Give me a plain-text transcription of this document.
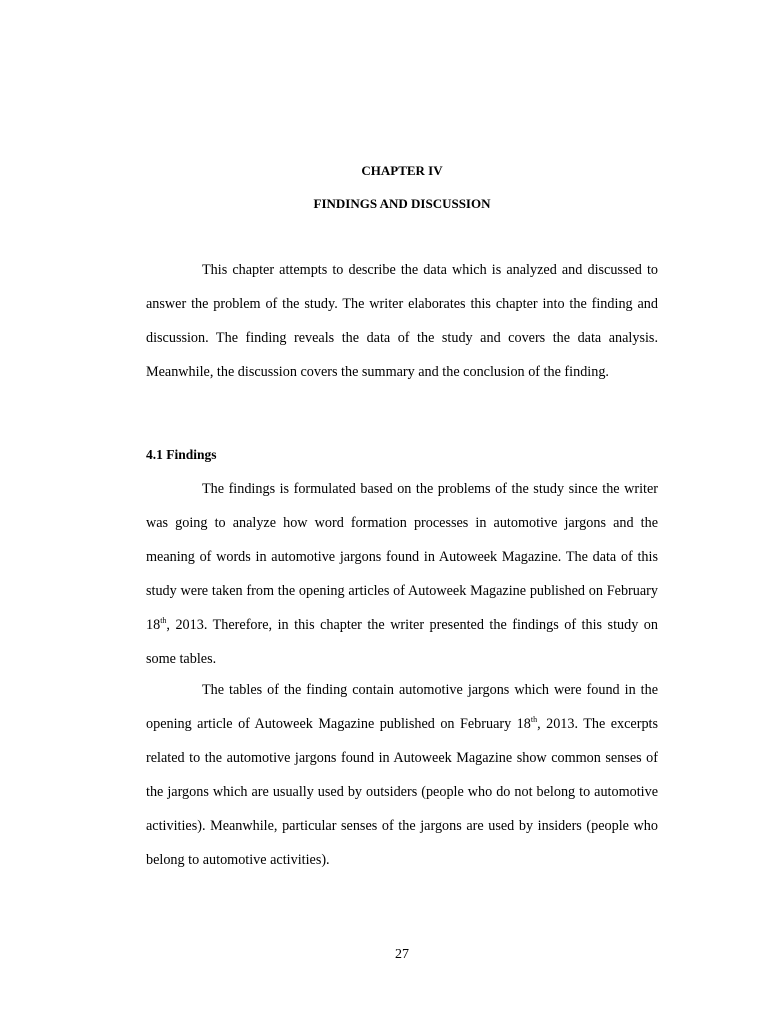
CHAPTER IV
FINDINGS AND DISCUSSION

This chapter attempts to describe the data which is analyzed and discussed to answer the problem of the study. The writer elaborates this chapter into the finding and discussion. The finding reveals the data of the study and covers the data analysis. Meanwhile, the discussion covers the summary and the conclusion of the finding.

4.1 Findings

The findings is formulated based on the problems of the study since the writer was going to analyze how word formation processes in automotive jargons and the meaning of words in automotive jargons found in Autoweek Magazine. The data of this study were taken from the opening articles of Autoweek Magazine published on February 18th, 2013. Therefore, in this chapter the writer presented the findings of this study on some tables.

The tables of the finding contain automotive jargons which were found in the opening article of Autoweek Magazine published on February 18th, 2013. The excerpts related to the automotive jargons found in Autoweek Magazine show common senses of the jargons which are usually used by outsiders (people who do not belong to automotive activities). Meanwhile, particular senses of the jargons are used by insiders (people who belong to automotive activities).

27
